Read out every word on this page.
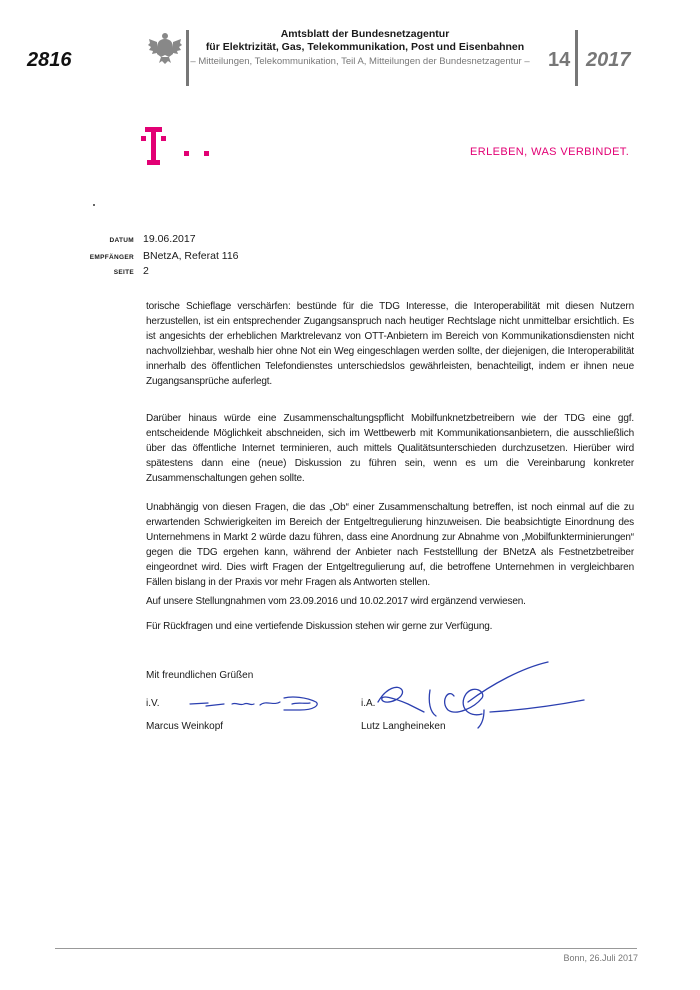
2816
Amtsblatt der Bundesnetzagentur
für Elektrizität, Gas, Telekommunikation, Post und Eisenbahnen
– Mitteilungen, Telekommunikation, Teil A, Mitteilungen der Bundesnetzagentur – 14 2017
ERLEBEN, WAS VERBINDET.
DATUM 19.06.2017
EMPFÄNGER BNetzA, Referat 116
SEITE 2
torische Schieflage verschärfen: bestünde für die TDG Interesse, die Interoperabilität mit diesen Nutzern herzustellen, ist ein entsprechender Zugangsanspruch nach heutiger Rechtslage nicht unmittelbar ersichtlich. Es ist angesichts der erheblichen Marktrelevanz von OTT-Anbietern im Bereich von Kommunikationsdiensten nicht nachvollziehbar, weshalb hier ohne Not ein Weg eingeschlagen werden sollte, der diejenigen, die Interoperabilität innerhalb des öffentlichen Telefondienstes unterschiedslos gewährleisten, benachteiligt, indem er ihnen neue Zugangsansprüche auferlegt.
Darüber hinaus würde eine Zusammenschaltungspflicht Mobilfunknetzbetreibern wie der TDG eine ggf. entscheidende Möglichkeit abschneiden, sich im Wettbewerb mit Kommunikationsanbietern, die ausschließlich über das öffentliche Internet terminieren, auch mittels Qualitätsunterschieden durchzusetzen. Hierüber wird spätestens dann eine (neue) Diskussion zu führen sein, wenn es um die Vereinbarung konkreter Zusammenschaltungen gehen sollte.
Unabhängig von diesen Fragen, die das „Ob“ einer Zusammenschaltung betreffen, ist noch einmal auf die zu erwartenden Schwierigkeiten im Bereich der Entgeltregulierung hinzuweisen. Die beabsichtigte Einordnung des Unternehmens in Markt 2 würde dazu führen, dass eine Anordnung zur Abnahme von „Mobilfunkterminierungen“ gegen die TDG ergehen kann, während der Anbieter nach Feststelllung der BNetzA als Festnetzbetreiber eingeordnet wird. Dies wirft Fragen der Entgeltregulierung auf, die betroffene Unternehmen in vergleichbaren Fällen bislang in der Praxis vor mehr Fragen als Antworten stellen.
Auf unsere Stellungnahmen vom 23.09.2016 und 10.02.2017 wird ergänzend verwiesen.
Für Rückfragen und eine vertiefende Diskussion stehen wir gerne zur Verfügung.
Mit freundlichen Grüßen
i.V.
Marcus Weinkopf
i.A.
Lutz Langheineken
Bonn, 26.Juli 2017
